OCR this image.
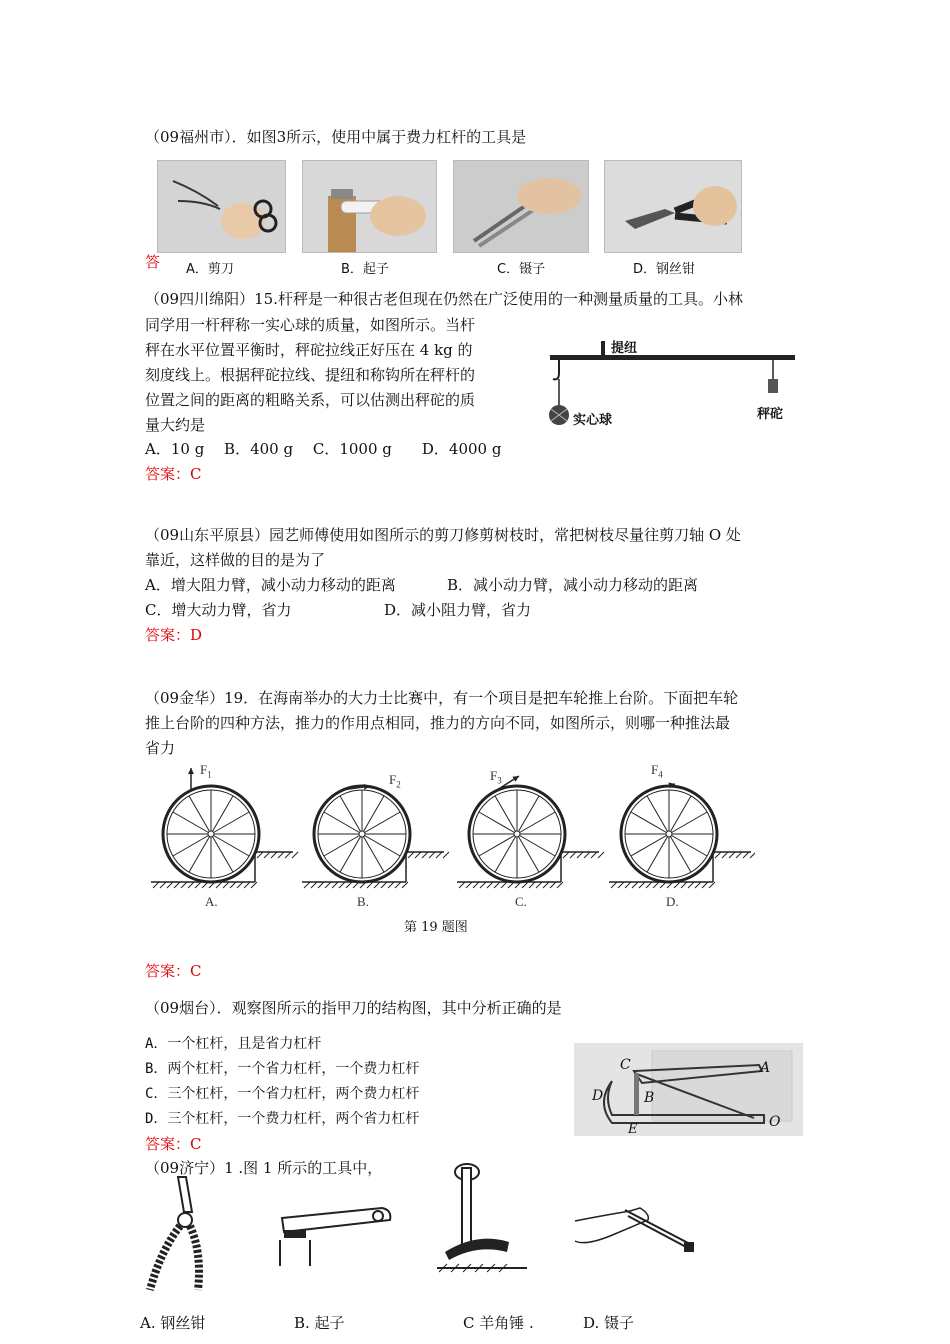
（09福州市）．如图3所示，使用中属于费力杠杆的工具是
答 A．剪刀	B．起子	C．镊子	D．钢丝钳
（09四川绵阳）15.杆秤是一种很古老但现在仍然在广泛使用的一种测量质量的工具。小林
同学用一杆秤称一实心球的质量，如图所示。当杆
秤在水平位置平衡时，秤砣拉线正好压在 4 kg 的
刻度线上。根据秤砣拉线、提纽和称钩所在秤杆的
位置之间的距离的粗略关系，可以估测出秤砣的质
量大约是
A．10 g　 B．400 g　 C．1000 g　　D．4000 g
答案：C
提纽
实心球	秤砣
（09山东平原县）园艺师傅使用如图所示的剪刀修剪树枝时，常把树枝尽量往剪刀轴 O 处
靠近，这样做的目的是为了
A．增大阻力臂，减小动力移动的距离	B．减小动力臂，减小动力移动的距离
C．增大动力臂，省力	D．减小阻力臂，省力
答案：D
（09金华）19．在海南举办的大力士比赛中，有一个项目是把车轮推上台阶。下面把车轮
推上台阶的四种方法，推力的作用点相同，推力的方向不同，如图所示，则哪一种推法最
省力
A.	B.	C.	D.
$F_1$	$F_2$
$F_3$
$F_4$
第 19 题图
答案：C
（09烟台）．观察图所示的指甲刀的结构图，其中分析正确的是
A．一个杠杆，且是省力杠杆
B．两个杠杆，一个省力杠杆，一个费力杠杆
C．三个杠杆，一个省力杠杆，两个费力杠杆
D．三个杠杆，一个费力杠杆，两个省力杠杆
答案：C
C	A
D	B
E	O
（09济宁）1 .图 1 所示的工具中，
A. 钢丝钳	B. 起子	C 羊角锤 .	D. 镊子
